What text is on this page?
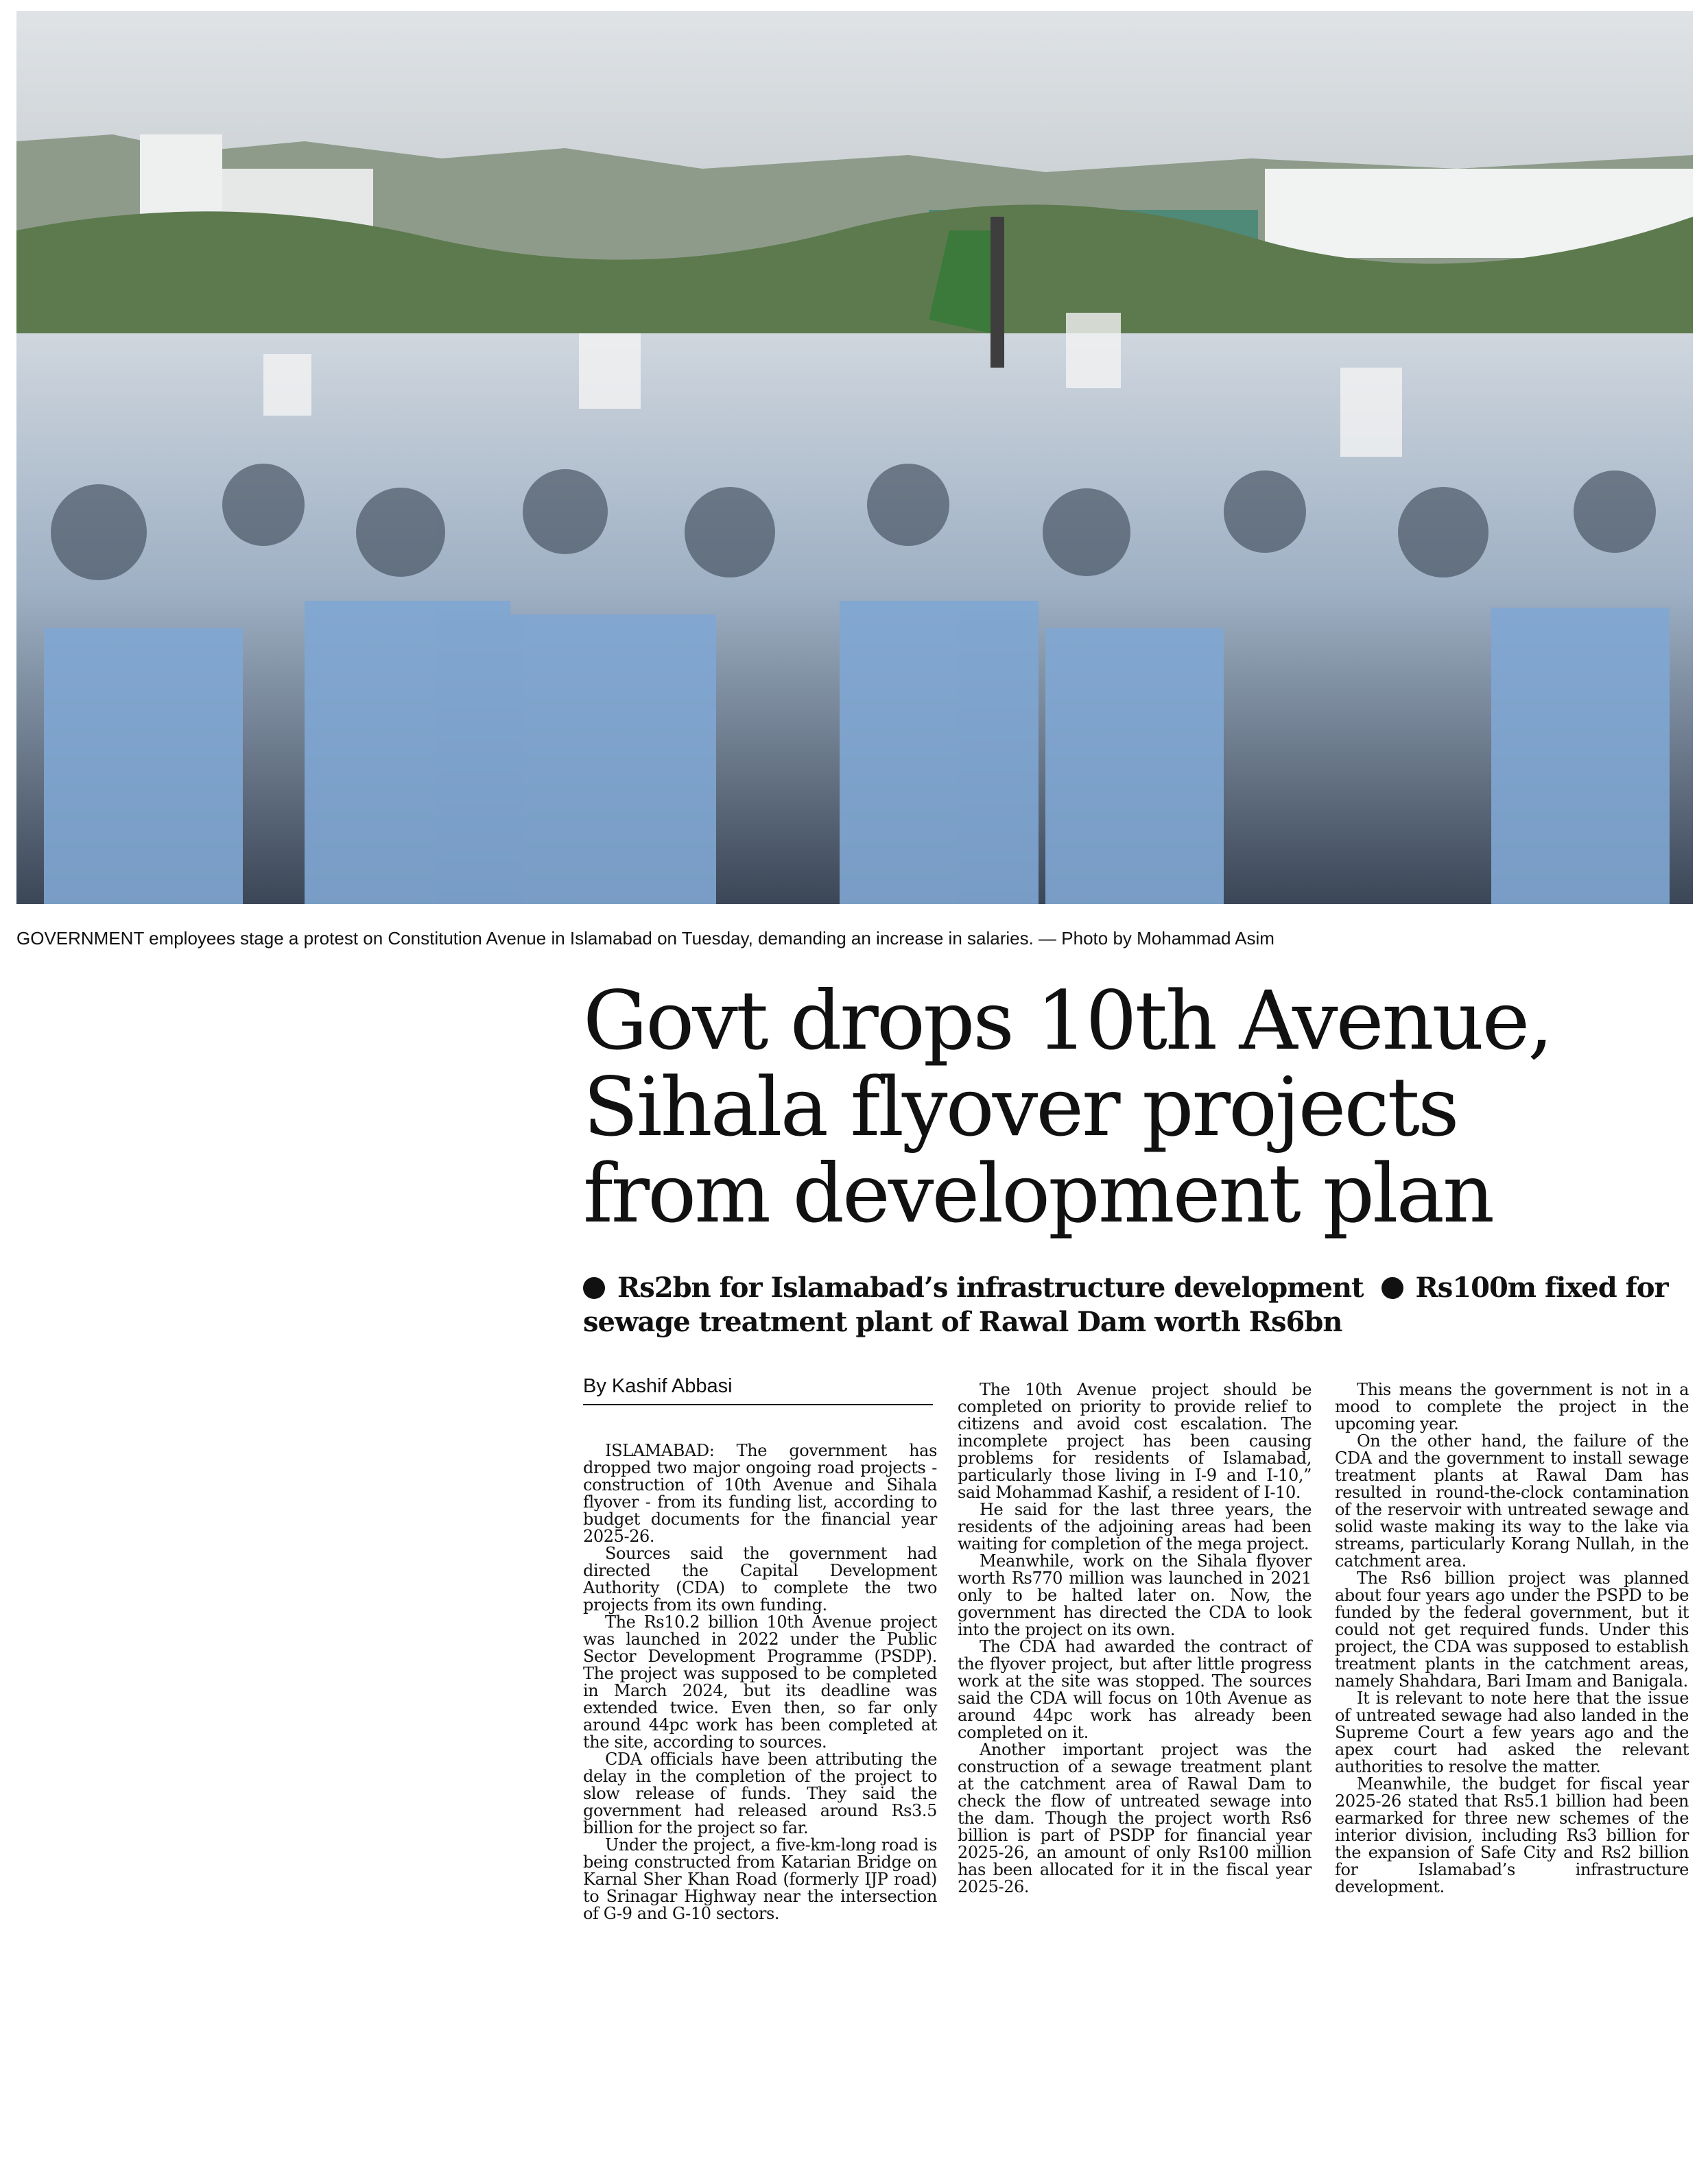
GOVERNMENT employees stage a protest on Constitution Avenue in Islamabad on Tuesday, demanding an increase in salaries. — Photo by Mohammad Asim
Govt drops 10th Avenue,
Sihala flyover projects
from development plan
Rs2bn for Islamabad’s infrastructure development Rs100m fixed for
sewage treatment plant of Rawal Dam worth Rs6bn
By Kashif Abbasi

ISLAMABAD: The government has dropped two major ongoing road projects - construction of 10th Avenue and Sihala flyover - from its funding list, according to budget documents for the financial year 2025-26.

Sources said the government had directed the Capital Development Authority (CDA) to complete the two projects from its own funding.

The Rs10.2 billion 10th Avenue project was launched in 2022 under the Public Sector Development Programme (PSDP). The project was supposed to be completed in March 2024, but its deadline was extended twice. Even then, so far only around 44pc work has been completed at the site, according to sources.

CDA officials have been attributing the delay in the completion of the project to slow release of funds. They said the government had released around Rs3.5 billion for the project so far.

Under the project, a five-km-long road is being constructed from Katarian Bridge on Karnal Sher Khan Road (formerly IJP road) to Srinagar Highway near the intersection of G-9 and G-10 sectors.

The 10th Avenue project should be completed on priority to provide relief to citizens and avoid cost escalation. The incomplete project has been causing problems for residents of Islamabad, particularly those living in I-9 and I-10,” said Mohammad Kashif, a resident of I-10.

He said for the last three years, the residents of the adjoining areas had been waiting for completion of the mega project.

Meanwhile, work on the Sihala flyover worth Rs770 million was launched in 2021 only to be halted later on. Now, the government has directed the CDA to look into the project on its own.

The CDA had awarded the contract of the flyover project, but after little progress work at the site was stopped. The sources said the CDA will focus on 10th Avenue as around 44pc work has already been completed on it.

Another important project was the construction of a sewage treatment plant at the catchment area of Rawal Dam to check the flow of untreated sewage into the dam. Though the project worth Rs6 billion is part of PSDP for financial year 2025-26, an amount of only Rs100 million has been allocated for it in the fiscal year 2025-26.

This means the government is not in a mood to complete the project in the upcoming year.

On the other hand, the failure of the CDA and the government to install sewage treatment plants at Rawal Dam has resulted in round-the-clock contamination of the reservoir with untreated sewage and solid waste making its way to the lake via streams, particularly Korang Nullah, in the catchment area.

The Rs6 billion project was planned about four years ago under the PSPD to be funded by the federal government, but it could not get required funds. Under this project, the CDA was supposed to establish treatment plants in the catchment areas, namely Shahdara, Bari Imam and Banigala.

It is relevant to note here that the issue of untreated sewage had also landed in the Supreme Court a few years ago and the apex court had asked the relevant authorities to resolve the matter.

Meanwhile, the budget for fiscal year 2025-26 stated that Rs5.1 billion had been earmarked for three new schemes of the interior division, including Rs3 billion for the expansion of Safe City and Rs2 billion for Islamabad’s infrastructure development.
